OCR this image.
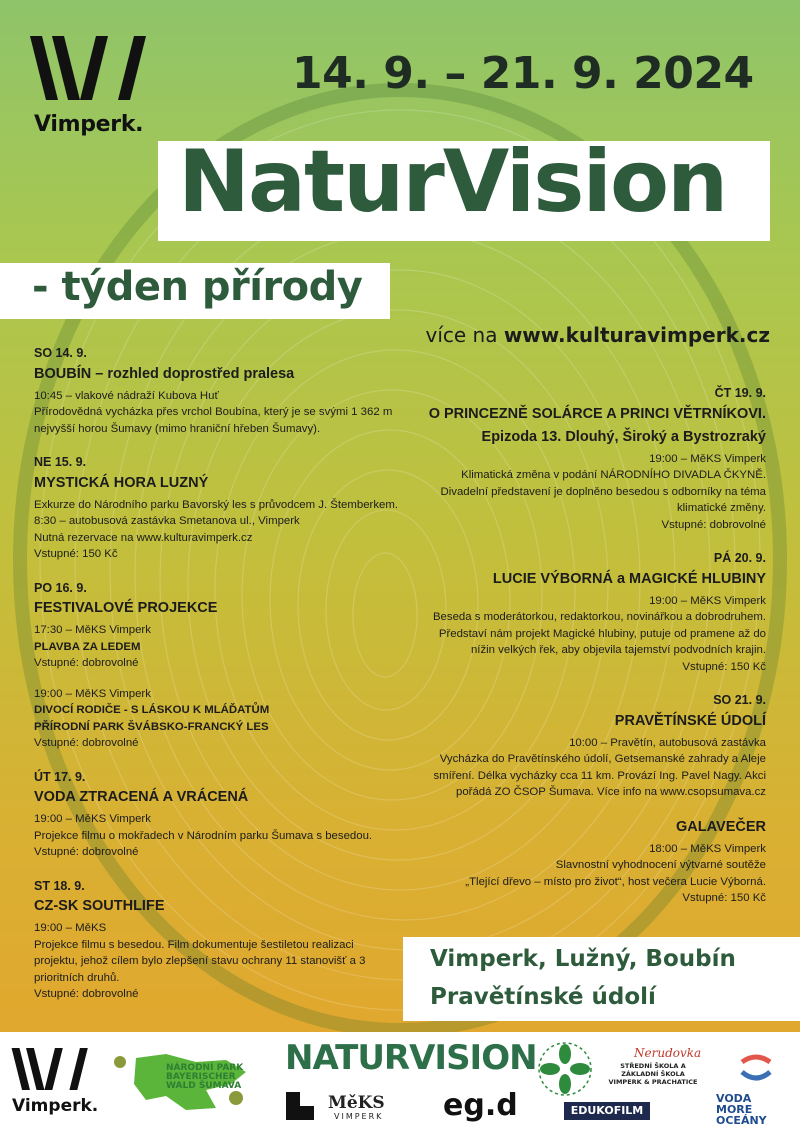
Vimperk.
14. 9. – 21. 9. 2024
NaturVision
- týden přírody
více na www.kulturavimperk.cz
SO 14. 9.
BOUBÍN – rozhled doprostřed pralesa
10:45 – vlakové nádraží Kubova Huť
Přírodovědná vycházka přes vrchol Boubína, který je se svými 1 362 m
nejvyšší horou Šumavy (mimo hraniční hřeben Šumavy).
NE 15. 9.
MYSTICKÁ HORA LUZNÝ
Exkurze do Národního parku Bavorský les s průvodcem J. Štemberkem.
8:30 – autobusová zastávka Smetanova ul., Vimperk
Nutná rezervace na www.kulturavimperk.cz
Vstupné: 150 Kč
PO 16. 9.
FESTIVALOVÉ PROJEKCE
17:30 – MěKS Vimperk
PLAVBA ZA LEDEM
Vstupné: dobrovolné
19:00 – MěKS Vimperk
DIVOCÍ RODIČE - S LÁSKOU K MLÁĎATŮM
PŘÍRODNÍ PARK ŠVÁBSKO-FRANCKÝ LES
Vstupné: dobrovolné
ÚT 17. 9.
VODA ZTRACENÁ A VRÁCENÁ
19:00 – MěKS Vimperk
Projekce filmu o mokřadech v Národním parku Šumava s besedou.
Vstupné: dobrovolné
ST 18. 9.
CZ-SK SOUTHLIFE
19:00 – MěKS
Projekce filmu s besedou. Film dokumentuje šestiletou realizaci
projektu, jehož cílem bylo zlepšení stavu ochrany 11 stanovišť a 3
prioritních druhů.
Vstupné: dobrovolné
ČT 19. 9.
O PRINCEZNĚ SOLÁRCE A PRINCI VĚTRNÍKOVI.
Epizoda 13. Dlouhý, Široký a Bystrozraký
19:00 – MěKS Vimperk
Klimatická změna v podání NÁRODNÍHO DIVADLA ČKYNĚ.
Divadelní představení je doplněno besedou s odborníky na téma
klimatické změny.
Vstupné: dobrovolné
PÁ 20. 9.
LUCIE VÝBORNÁ a MAGICKÉ HLUBINY
19:00 – MěKS Vimperk
Beseda s moderátorkou, redaktorkou, novinářkou a dobrodruhem.
Představí nám projekt Magické hlubiny, putuje od pramene až do
nížin velkých řek, aby objevila tajemství podvodních krajin.
Vstupné: 150 Kč
SO 21. 9.
PRAVĚTÍNSKÉ ÚDOLÍ
10:00 – Pravětín, autobusová zastávka
Vycházka do Pravětínského údolí, Getsemanské zahrady a Aleje
smíření. Délka vycházky cca 11 km. Provází Ing. Pavel Nagy. Akci
pořádá ZO ČSOP Šumava. Více info na www.csopsumava.cz
GALAVEČER
18:00 – MěKS Vimperk
Slavnostní vyhodnocení výtvarné soutěže
„Tlející dřevo – místo pro život“, host večera Lucie Výborná.
Vstupné: 150 Kč
Vimperk, Lužný, Boubín
Pravětínské údolí
Vimperk.
NÁRODNÍ PARK BAYERISCHER WALD ŠUMAVA
NATURVISION
MěKS
VIMPERK eg.d	EDUKOFILM
Nerudovka
STŘEDNÍ ŠKOLA A ZÁKLADNÍ ŠKOLA VIMPERK & PRACHATICE
VODA MORE OCEÁNY
